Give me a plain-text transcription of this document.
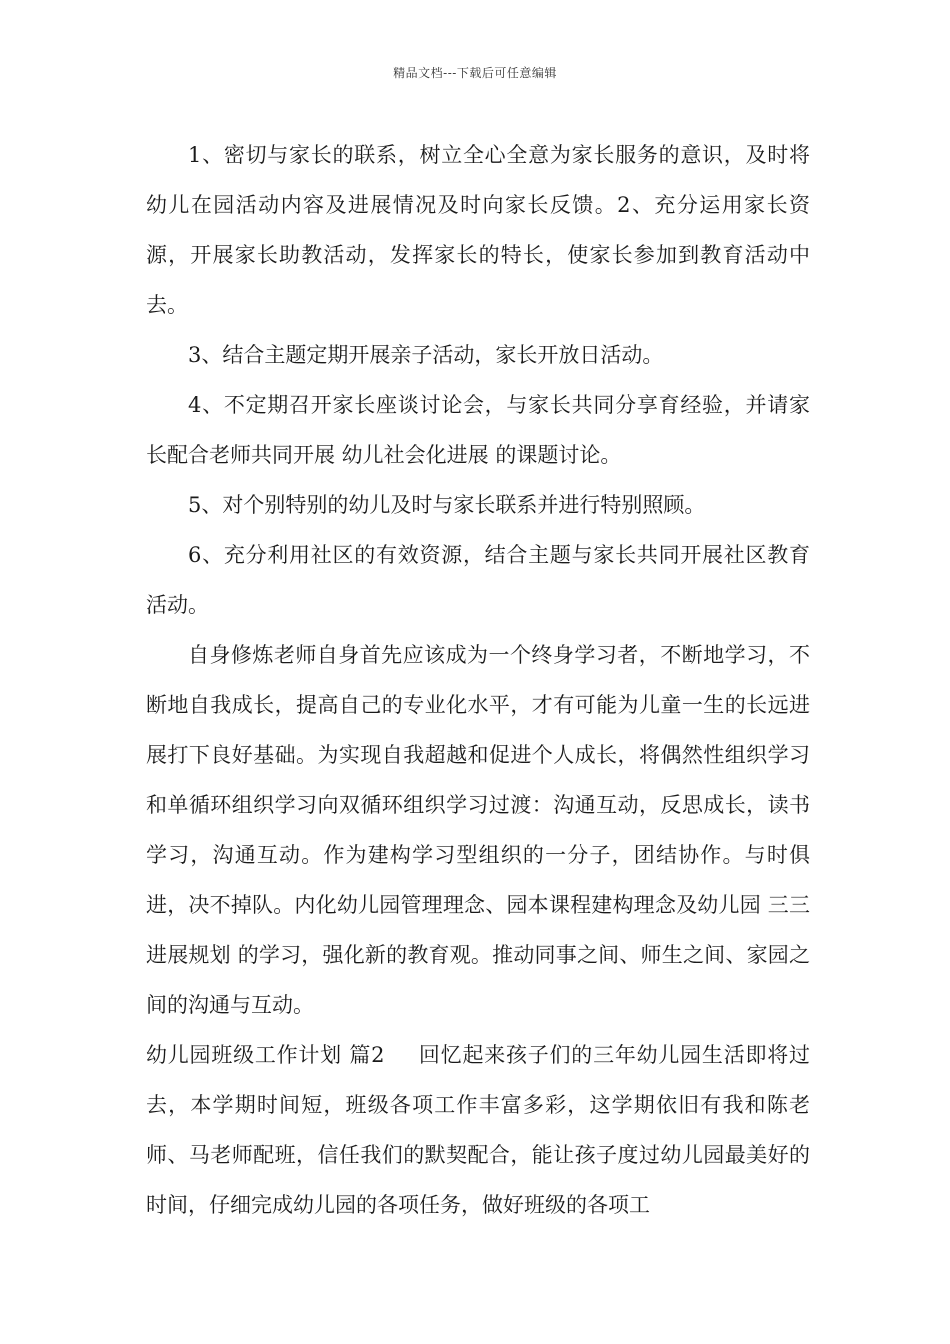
精品文档---下载后可任意编辑

1、密切与家长的联系，树立全心全意为家长服务的意识，及时将幼儿在园活动内容及进展情况及时向家长反馈。2、充分运用家长资源，开展家长助教活动，发挥家长的特长，使家长参加到教育活动中去。

3、结合主题定期开展亲子活动，家长开放日活动。

4、不定期召开家长座谈讨论会，与家长共同分享育经验，并请家长配合老师共同开展 幼儿社会化进展 的课题讨论。

5、对个别特别的幼儿及时与家长联系并进行特别照顾。

6、充分利用社区的有效资源，结合主题与家长共同开展社区教育活动。

自身修炼老师自身首先应该成为一个终身学习者，不断地学习，不断地自我成长，提高自己的专业化水平，才有可能为儿童一生的长远进展打下良好基础。为实现自我超越和促进个人成长，将偶然性组织学习和单循环组织学习向双循环组织学习过渡：沟通互动，反思成长，读书学习，沟通互动。作为建构学习型组织的一分子，团结协作。与时俱进，决不掉队。内化幼儿园管理理念、园本课程建构理念及幼儿园 三三进展规划 的学习，强化新的教育观。推动同事之间、师生之间、家园之间的沟通与互动。

幼儿园班级工作计划 篇2 回忆起来孩子们的三年幼儿园生活即将过去，本学期时间短，班级各项工作丰富多彩，这学期依旧有我和陈老师、马老师配班，信任我们的默契配合，能让孩子度过幼儿园最美好的时间，仔细完成幼儿园的各项任务，做好班级的各项工
